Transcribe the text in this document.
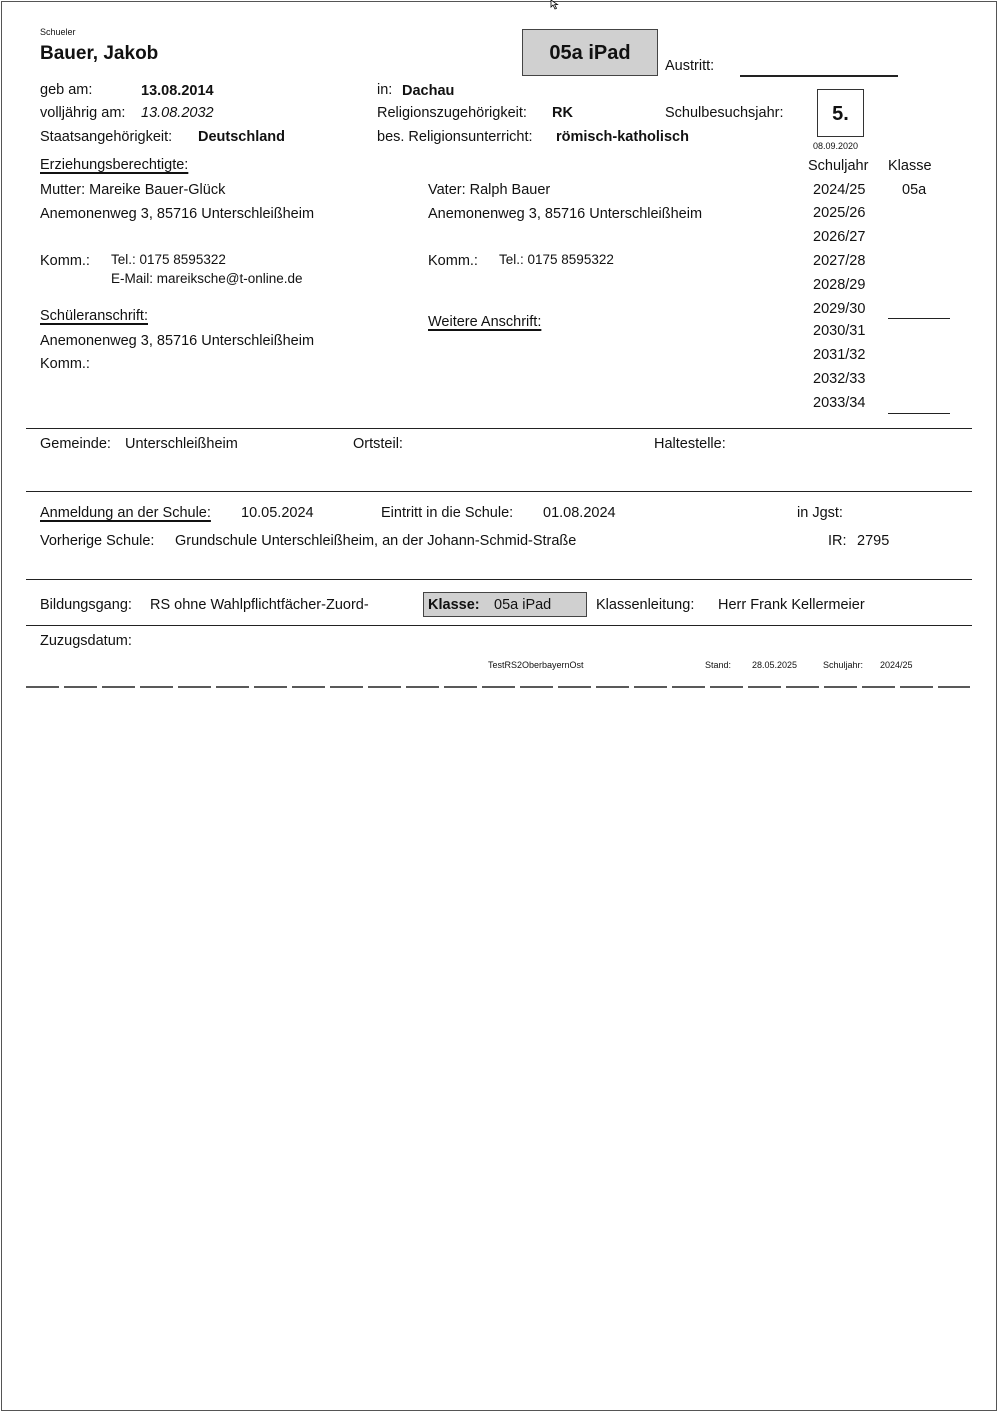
Schueler
Bauer, Jakob	05a iPad
Austritt:
geb am:	13.08.2014	in: Dachau
volljährig am: 13.08.2032	Religionszugehörigkeit: RK	Schulbesuchsjahr:	5.
08.09.2020
Staatsangehörigkeit: Deutschland	bes. Religionsunterricht: römisch-katholisch
Erziehungsberechtigte:
Mutter: Mareike Bauer-Glück
Anemonenweg 3, 85716 Unterschleißheim
Komm.: Tel.: 0175 8595322
E-Mail: mareiksche@t-online.de
Vater: Ralph Bauer
Anemonenweg 3, 85716 Unterschleißheim
Komm.: Tel.: 0175 8595322
Schüleranschrift:
Anemonenweg 3, 85716 Unterschleißheim
Komm.:
Weitere Anschrift:
Schuljahr Klasse
2024/25	05a
2025/26
2026/27
2027/28
2028/29
2029/30
2030/31
2031/32
2032/33
2033/34
Gemeinde: Unterschleißheim	Ortsteil:	Haltestelle:
Anmeldung an der Schule: 10.05.2024	Eintritt in die Schule: 01.08.2024	in Jgst:
Vorherige Schule: Grundschule Unterschleißheim, an der Johann-Schmid-Straße	IR: 2795
Bildungsgang: RS ohne Wahlpflichtfächer-Zuord-	Klasse: 05a iPad	Klassenleitung: Herr Frank Kellermeier
Zuzugsdatum:
TestRS2OberbayernOst	Stand: 28.05.2025	Schuljahr: 2024/25
